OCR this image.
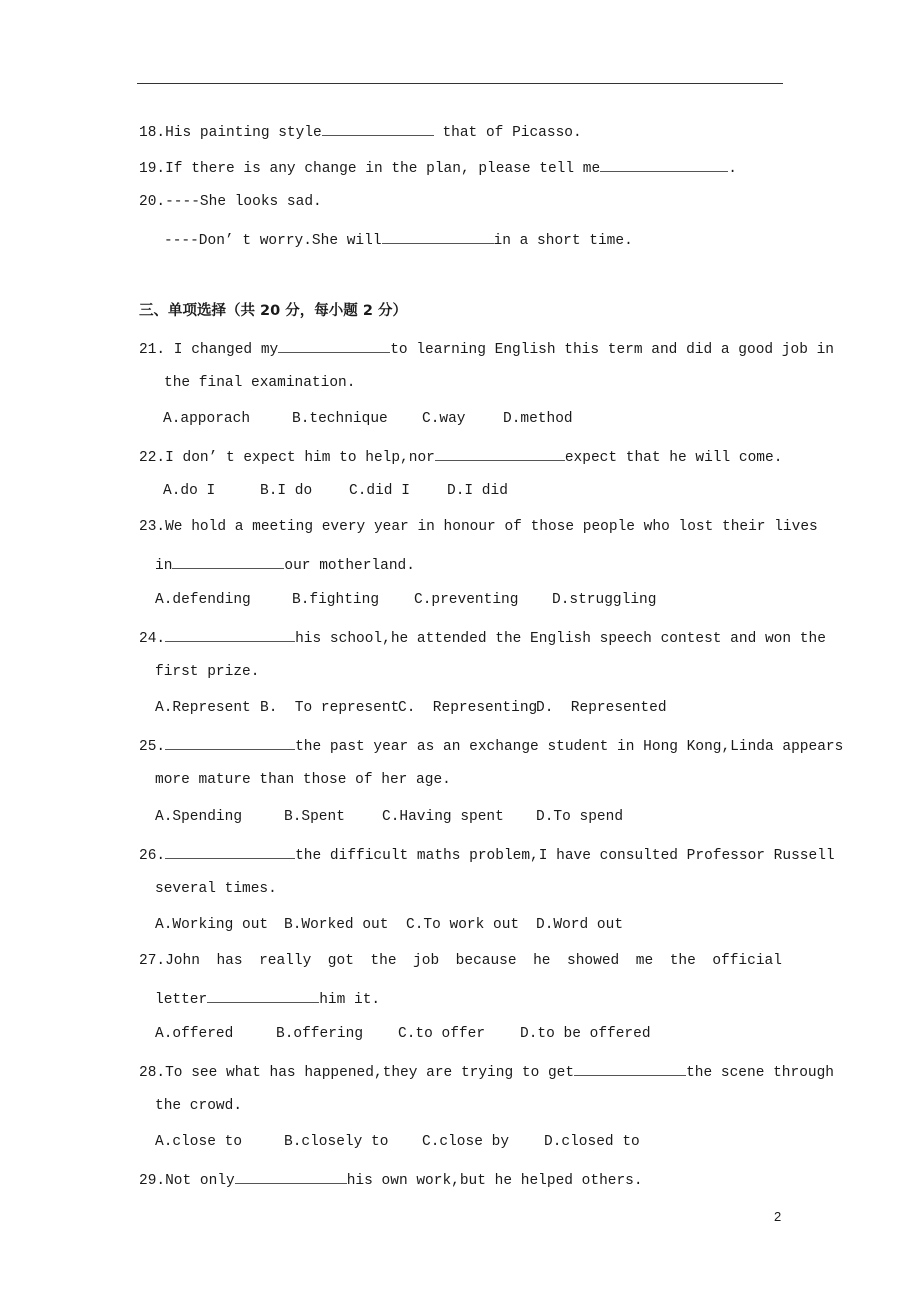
18.His painting style	that of Picasso.
19.If there is any change in the plan, please tell me	.
20.----She looks sad.
----Don’ t worry.She will	in a short time.
三、单项选择（共 20 分，每小题 2 分）
21. I changed my	to learning English this term and did a good job in
the final examination.
A.apporach	B.technique C.way	D.method
22.I don’ t expect him to help,nor	expect that he will come.
A.do I	B.I do	C.did I	D.I did
23.We hold a meeting every year in honour of those people who lost their lives
in	our motherland.
A.defending	B.fighting C.preventing D.struggling
24.	his school,he attended the English speech contest and won the
first prize.
A.Represent B.  To represent
C.  Representing
D.  Represented
25.	the past year as an exchange student in Hong Kong,Linda appears
more mature than those of her age.
A.Spending	B.Spent	C.Having spent D.To spend
26.	the difficult maths problem,I have consulted Professor Russell
several times.
A.Working out B.Worked out C.To work out D.Word out
27.John has really got the job because he showed me the official
letter	him it.
A.offered	B.offering C.to offer D.to be offered
28.To see what has happened,they are trying to get	the scene through
the crowd.
A.close to	B.closely to C.close by D.closed to
29.Not only	his own work,but he helped others.
2
